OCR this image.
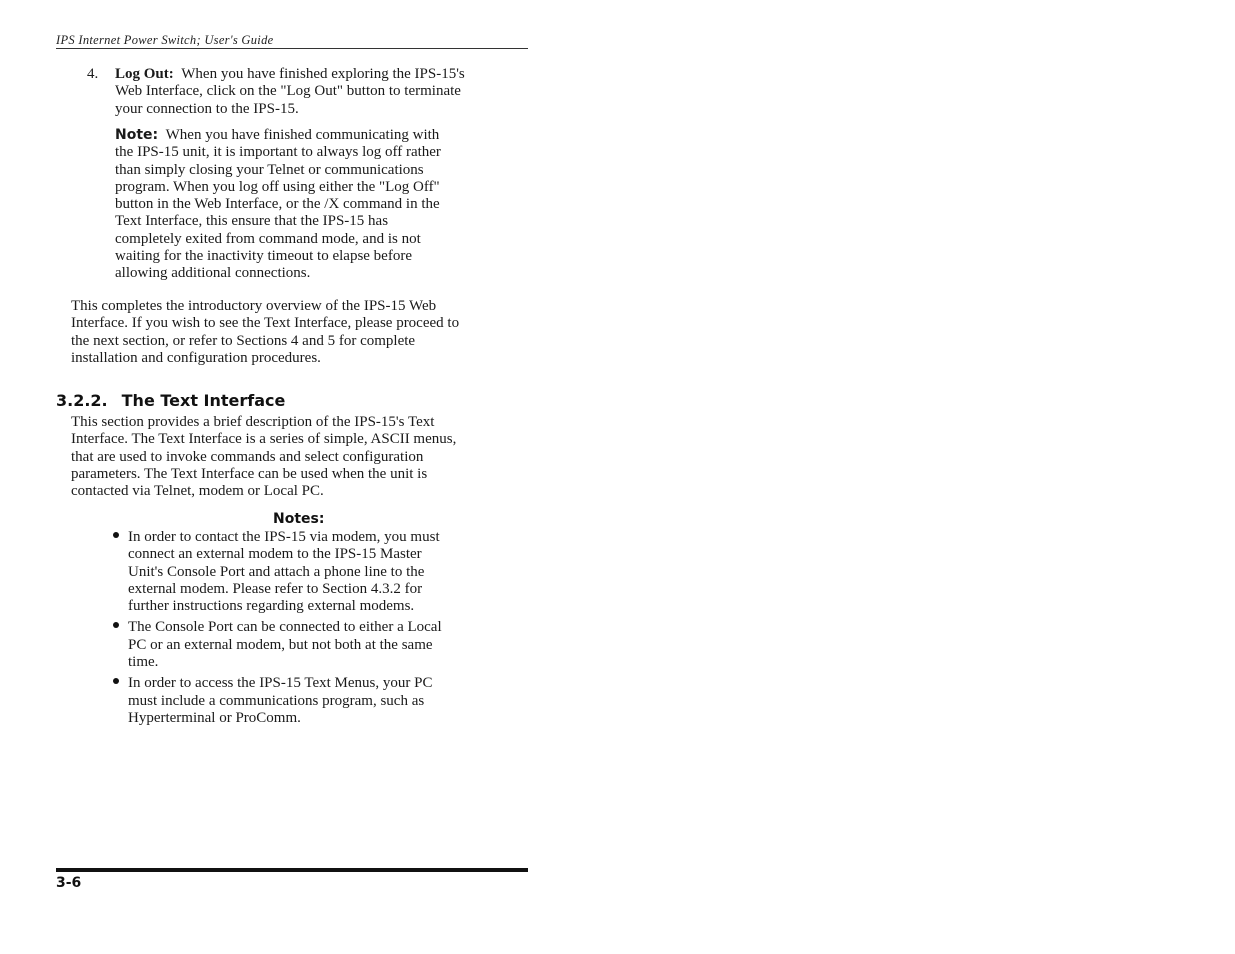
IPS Internet Power Switch; User's Guide
4. Log Out: When you have finished exploring the IPS-15's
Web Interface, click on the "Log Out" button to terminate
your connection to the IPS-15.
Note: When you have finished communicating with
the IPS-15 unit, it is important to always log off rather
than simply closing your Telnet or communications
program. When you log off using either the "Log Off"
button in the Web Interface, or the /X command in the
Text Interface, this ensure that the IPS-15 has
completely exited from command mode, and is not
waiting for the inactivity timeout to elapse before
allowing additional connections.
This completes the introductory overview of the IPS-15 Web
Interface. If you wish to see the Text Interface, please proceed to
the next section, or refer to Sections 4 and 5 for complete
installation and configuration procedures.
3.2.2. The Text Interface
This section provides a brief description of the IPS-15's Text
Interface. The Text Interface is a series of simple, ASCII menus,
that are used to invoke commands and select configuration
parameters. The Text Interface can be used when the unit is
contacted via Telnet, modem or Local PC.
Notes:
In order to contact the IPS-15 via modem, you must
connect an external modem to the IPS-15 Master
Unit's Console Port and attach a phone line to the
external modem. Please refer to Section 4.3.2 for
further instructions regarding external modems.
The Console Port can be connected to either a Local
PC or an external modem, but not both at the same
time.
In order to access the IPS-15 Text Menus, your PC
must include a communications program, such as
Hyperterminal or ProComm.
3-6
